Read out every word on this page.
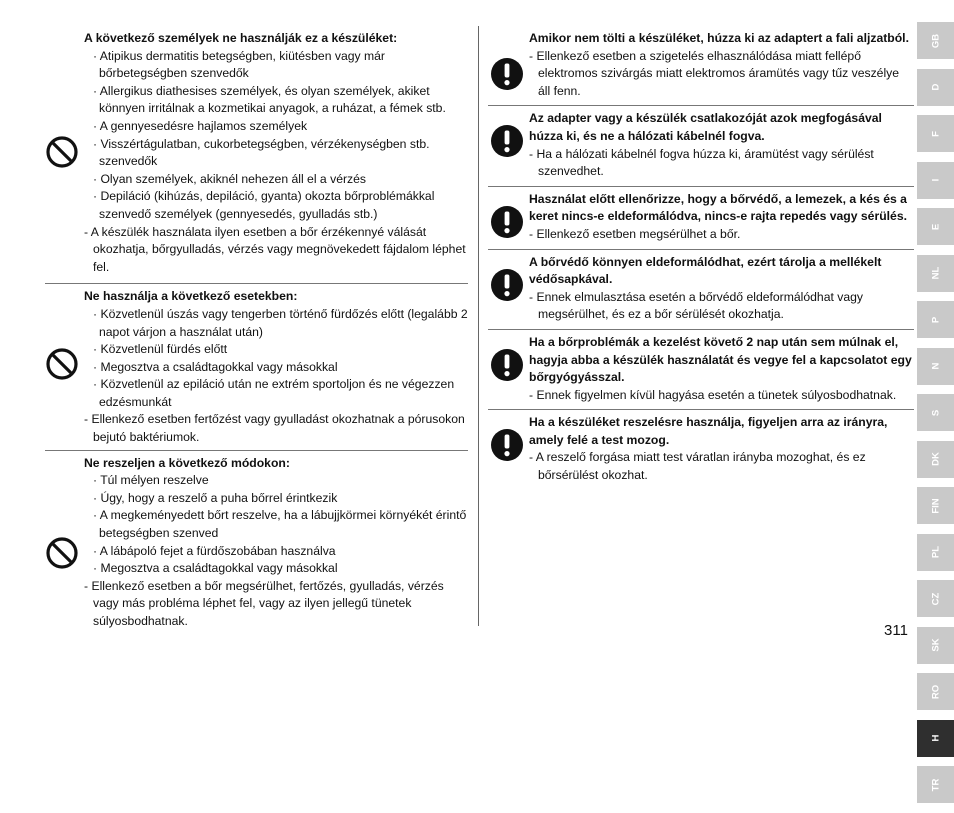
A következő személyek ne használják ez a készüléket:
· Atipikus dermatitis betegségben, kiütésben vagy már bőrbetegségben szenvedők
· Allergikus diathesises személyek, és olyan személyek, akiket könnyen irritálnak a kozmetikai anyagok, a ruházat, a fémek stb.
· A gennyesedésre hajlamos személyek
· Visszértágulatban, cukorbetegségben, vérzékenységben stb. szenvedők
· Olyan személyek, akiknél nehezen áll el a vérzés
· Depiláció (kihúzás, depiláció, gyanta) okozta bőrproblémákkal szenvedő személyek (gennyesedés, gyulladás stb.)
- A készülék használata ilyen esetben a bőr érzékennyé válását okozhatja, bőrgyulladás, vérzés vagy megnövekedett fájdalom léphet fel.
Ne használja a következő esetekben:
· Közvetlenül úszás vagy tengerben történő fürdőzés előtt (legalább 2 napot várjon a használat után)
· Közvetlenül fürdés előtt
· Megosztva a családtagokkal vagy másokkal
· Közvetlenül az epiláció után ne extrém sportoljon és ne végezzen edzésmunkát
- Ellenkező esetben fertőzést vagy gyulladást okozhatnak a pórusokon bejutó baktériumok.
Ne reszeljen a következő módokon:
· Túl mélyen reszelve
· Úgy, hogy a reszelő a puha bőrrel érintkezik
· A megkeményedett bőrt reszelve, ha a lábujjkörmei környékét érintő betegségben szenved
· A lábápoló fejet a fürdőszobában használva
· Megosztva a családtagokkal vagy másokkal
- Ellenkező esetben a bőr megsérülhet, fertőzés, gyulladás, vérzés vagy más probléma léphet fel, vagy az ilyen jellegű tünetek súlyosbodhatnak.
Amikor nem tölti a készüléket, húzza ki az adaptert a fali aljzatból.
- Ellenkező esetben a szigetelés elhasználódása miatt fellépő elektromos szivárgás miatt elektromos áramütés vagy tűz veszélye áll fenn.
Az adapter vagy a készülék csatlakozóját azok megfogásával húzza ki, és ne a hálózati kábelnél fogva.
- Ha a hálózati kábelnél fogva húzza ki, áramütést vagy sérülést szenvedhet.
Használat előtt ellenőrizze, hogy a bőrvédő, a lemezek, a kés és a keret nincs-e eldeformálódva, nincs-e rajta repedés vagy sérülés.
- Ellenkező esetben megsérülhet a bőr.
A bőrvédő könnyen eldeformálódhat, ezért tárolja a mellékelt védősapkával.
- Ennek elmulasztása esetén a bőrvédő eldeformálódhat vagy megsérülhet, és ez a bőr sérülését okozhatja.
Ha a bőrproblémák a kezelést követő 2 nap után sem múlnak el, hagyja abba a készülék használatát és vegye fel a kapcsolatot egy bőrgyógyásszal.
- Ennek figyelmen kívül hagyása esetén a tünetek súlyosbodhatnak.
Ha a készüléket reszelésre használja, figyeljen arra az irányra, amely felé a test mozog.
- A reszelő forgása miatt test váratlan irányba mozoghat, és ez bőrsérülést okozhat.
GB
D
F
I
E
NL
P
N
S
DK
FIN
PL
CZ
SK
RO
H
TR
311
